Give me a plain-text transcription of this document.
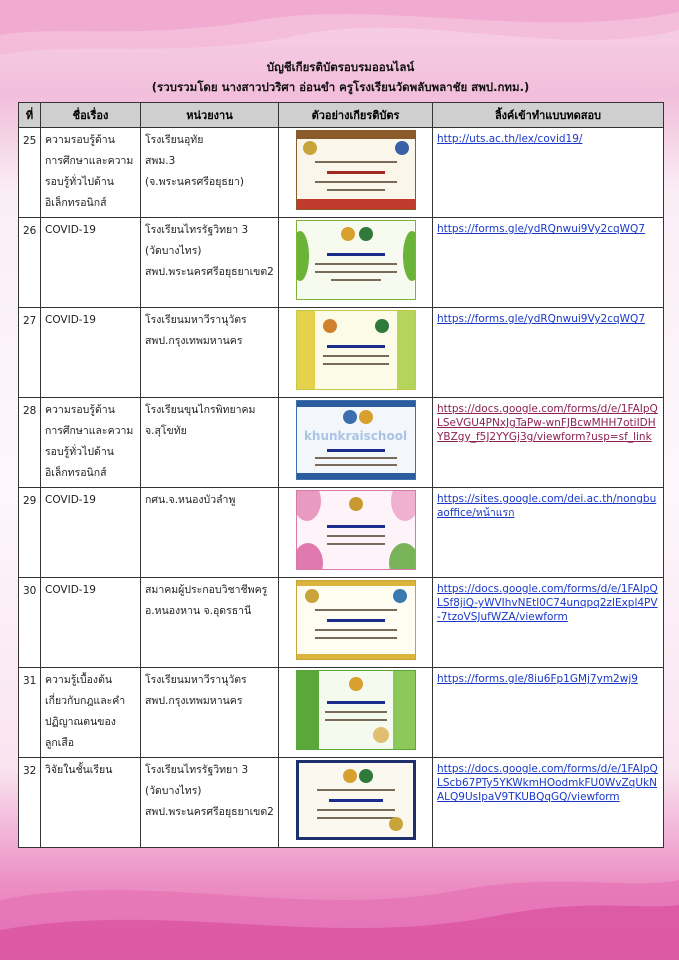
บัญชีเกียรติบัตรอบรมออนไลน์
(รวบรวมโดย นางสาวปวริศา อ่อนขำ ครูโรงเรียนวัดพลับพลาชัย สพป.กทม.)
ที่	ชื่อเรื่อง	หน่วยงาน	ตัวอย่างเกียรติบัตร	ลิ้งค์เข้าทำแบบทดสอบ
25	ความรอบรู้ด้าน
การศึกษาและความ
รอบรู้ทั่วไปด้าน
อิเล็กทรอนิกส์	โรงเรียนอุทัย
สพม.3
(จ.พระนครศรีอยุธยา)		http://uts.ac.th/lex/covid19/

26	COVID-19	โรงเรียนไทรรัฐวิทยา 3
(วัดบางไทร)
สพป.พระนครศรีอยุธยาเขต2		https://forms.gle/ydRQnwui9Vy2cqWQ7

27	COVID-19	โรงเรียนมหาวีรานุวัตร
สพป.กรุงเทพมหานคร		https://forms.gle/ydRQnwui9Vy2cqWQ7

28	ความรอบรู้ด้าน
การศึกษาและความ
รอบรู้ทั่วไปด้าน
อิเล็กทรอนิกส์	โรงเรียนขุนไกรพิทยาคม
จ.สุโขทัย	khunkraischool	https://docs.google.com/forms/d/e/1FAIpQLSeVGU4PNxJgTaPw-wnFJBcwMHH7otiIDHYBZgy_f5J2YYGj3g/viewform?usp=sf_link

29	COVID-19	กศน.จ.หนองบัวลำพู		https://sites.google.com/dei.ac.th/nongbuaoffice/หน้าแรก

30	COVID-19	สมาคมผู้ประกอบวิชาชีพครู
อ.หนองหาน จ.อุดรธานี		https://docs.google.com/forms/d/e/1FAIpQLSf8jiQ-yWVIhvNEtl0C74unqpq2zlExpl4PV-7tzoVSJufWZA/viewform

31	ความรู้เบื้องต้น
เกี่ยวกับกฎและคำ
ปฏิญาณตนของ
ลูกเสือ	โรงเรียนมหาวีรานุวัตร
สพป.กรุงเทพมหานคร		https://forms.gle/8iu6Fp1GMj7ym2wj9

32	วิจัยในชั้นเรียน	โรงเรียนไทรรัฐวิทยา 3
(วัดบางไทร)
สพป.พระนครศรีอยุธยาเขต2		https://docs.google.com/forms/d/e/1FAIpQLScb67PTy5YKWkmHOodmkFU0WvZqUkNALQ9UsIpaV9TKUBQqGQ/viewform
